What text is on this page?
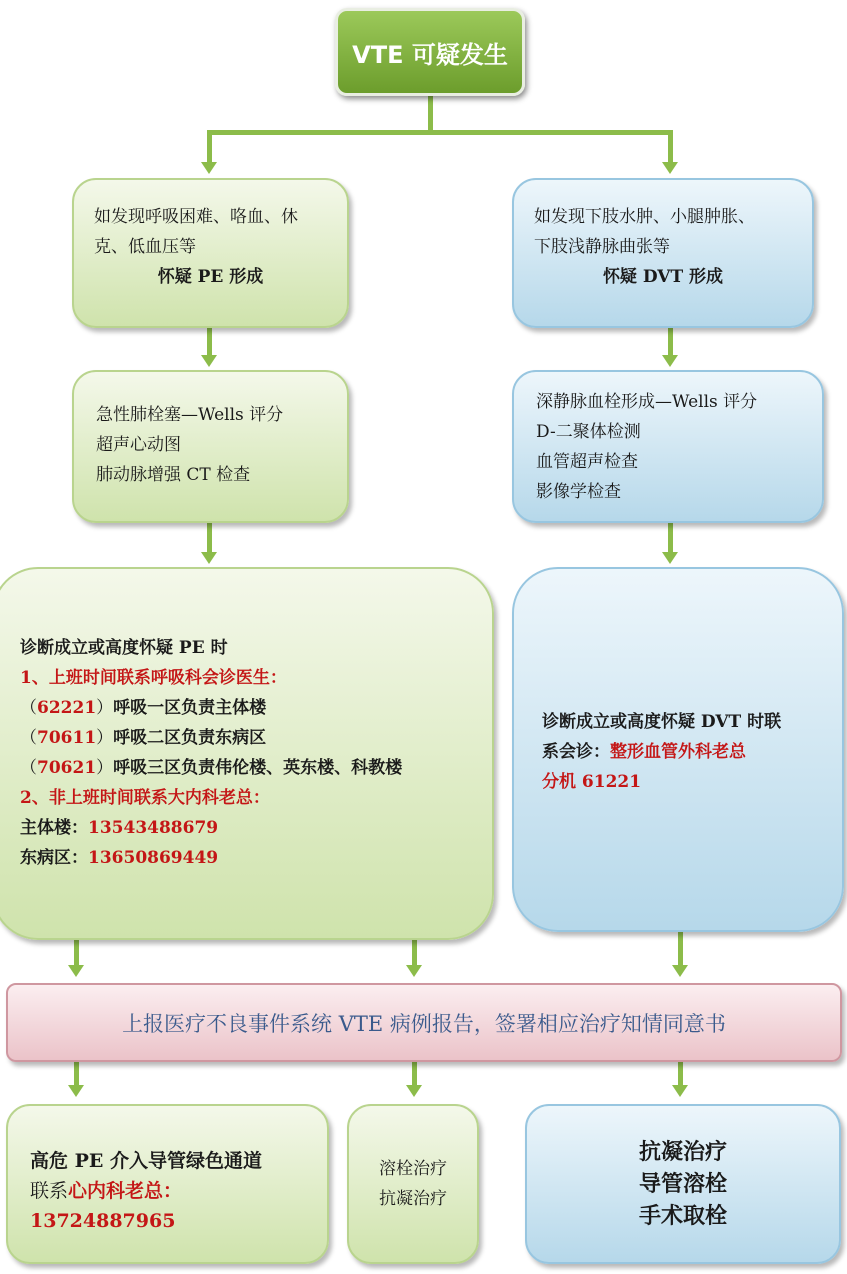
VTE 可疑发生
如发现呼吸困难、咯血、休
克、低血压等
怀疑 PE 形成
如发现下肢水肿、小腿肿胀、
下肢浅静脉曲张等
怀疑 DVT 形成
急性肺栓塞—Wells 评分
超声心动图
肺动脉增强 CT 检查
深静脉血栓形成—Wells 评分
D-二聚体检测
血管超声检查
影像学检查
诊断成立或高度怀疑 PE 时
1、上班时间联系呼吸科会诊医生：
（62221）呼吸一区负责主体楼
（70611）呼吸二区负责东病区
（70621）呼吸三区负责伟伦楼、英东楼、科教楼
2、非上班时间联系大内科老总：
主体楼：13543488679
东病区：13650869449
诊断成立或高度怀疑 DVT 时联
系会诊：整形血管外科老总
分机 61221
上报医疗不良事件系统 VTE 病例报告，签署相应治疗知情同意书
高危 PE 介入导管绿色通道
联系心内科老总：
13724887965
溶栓治疗
抗凝治疗
抗凝治疗
导管溶栓
手术取栓
